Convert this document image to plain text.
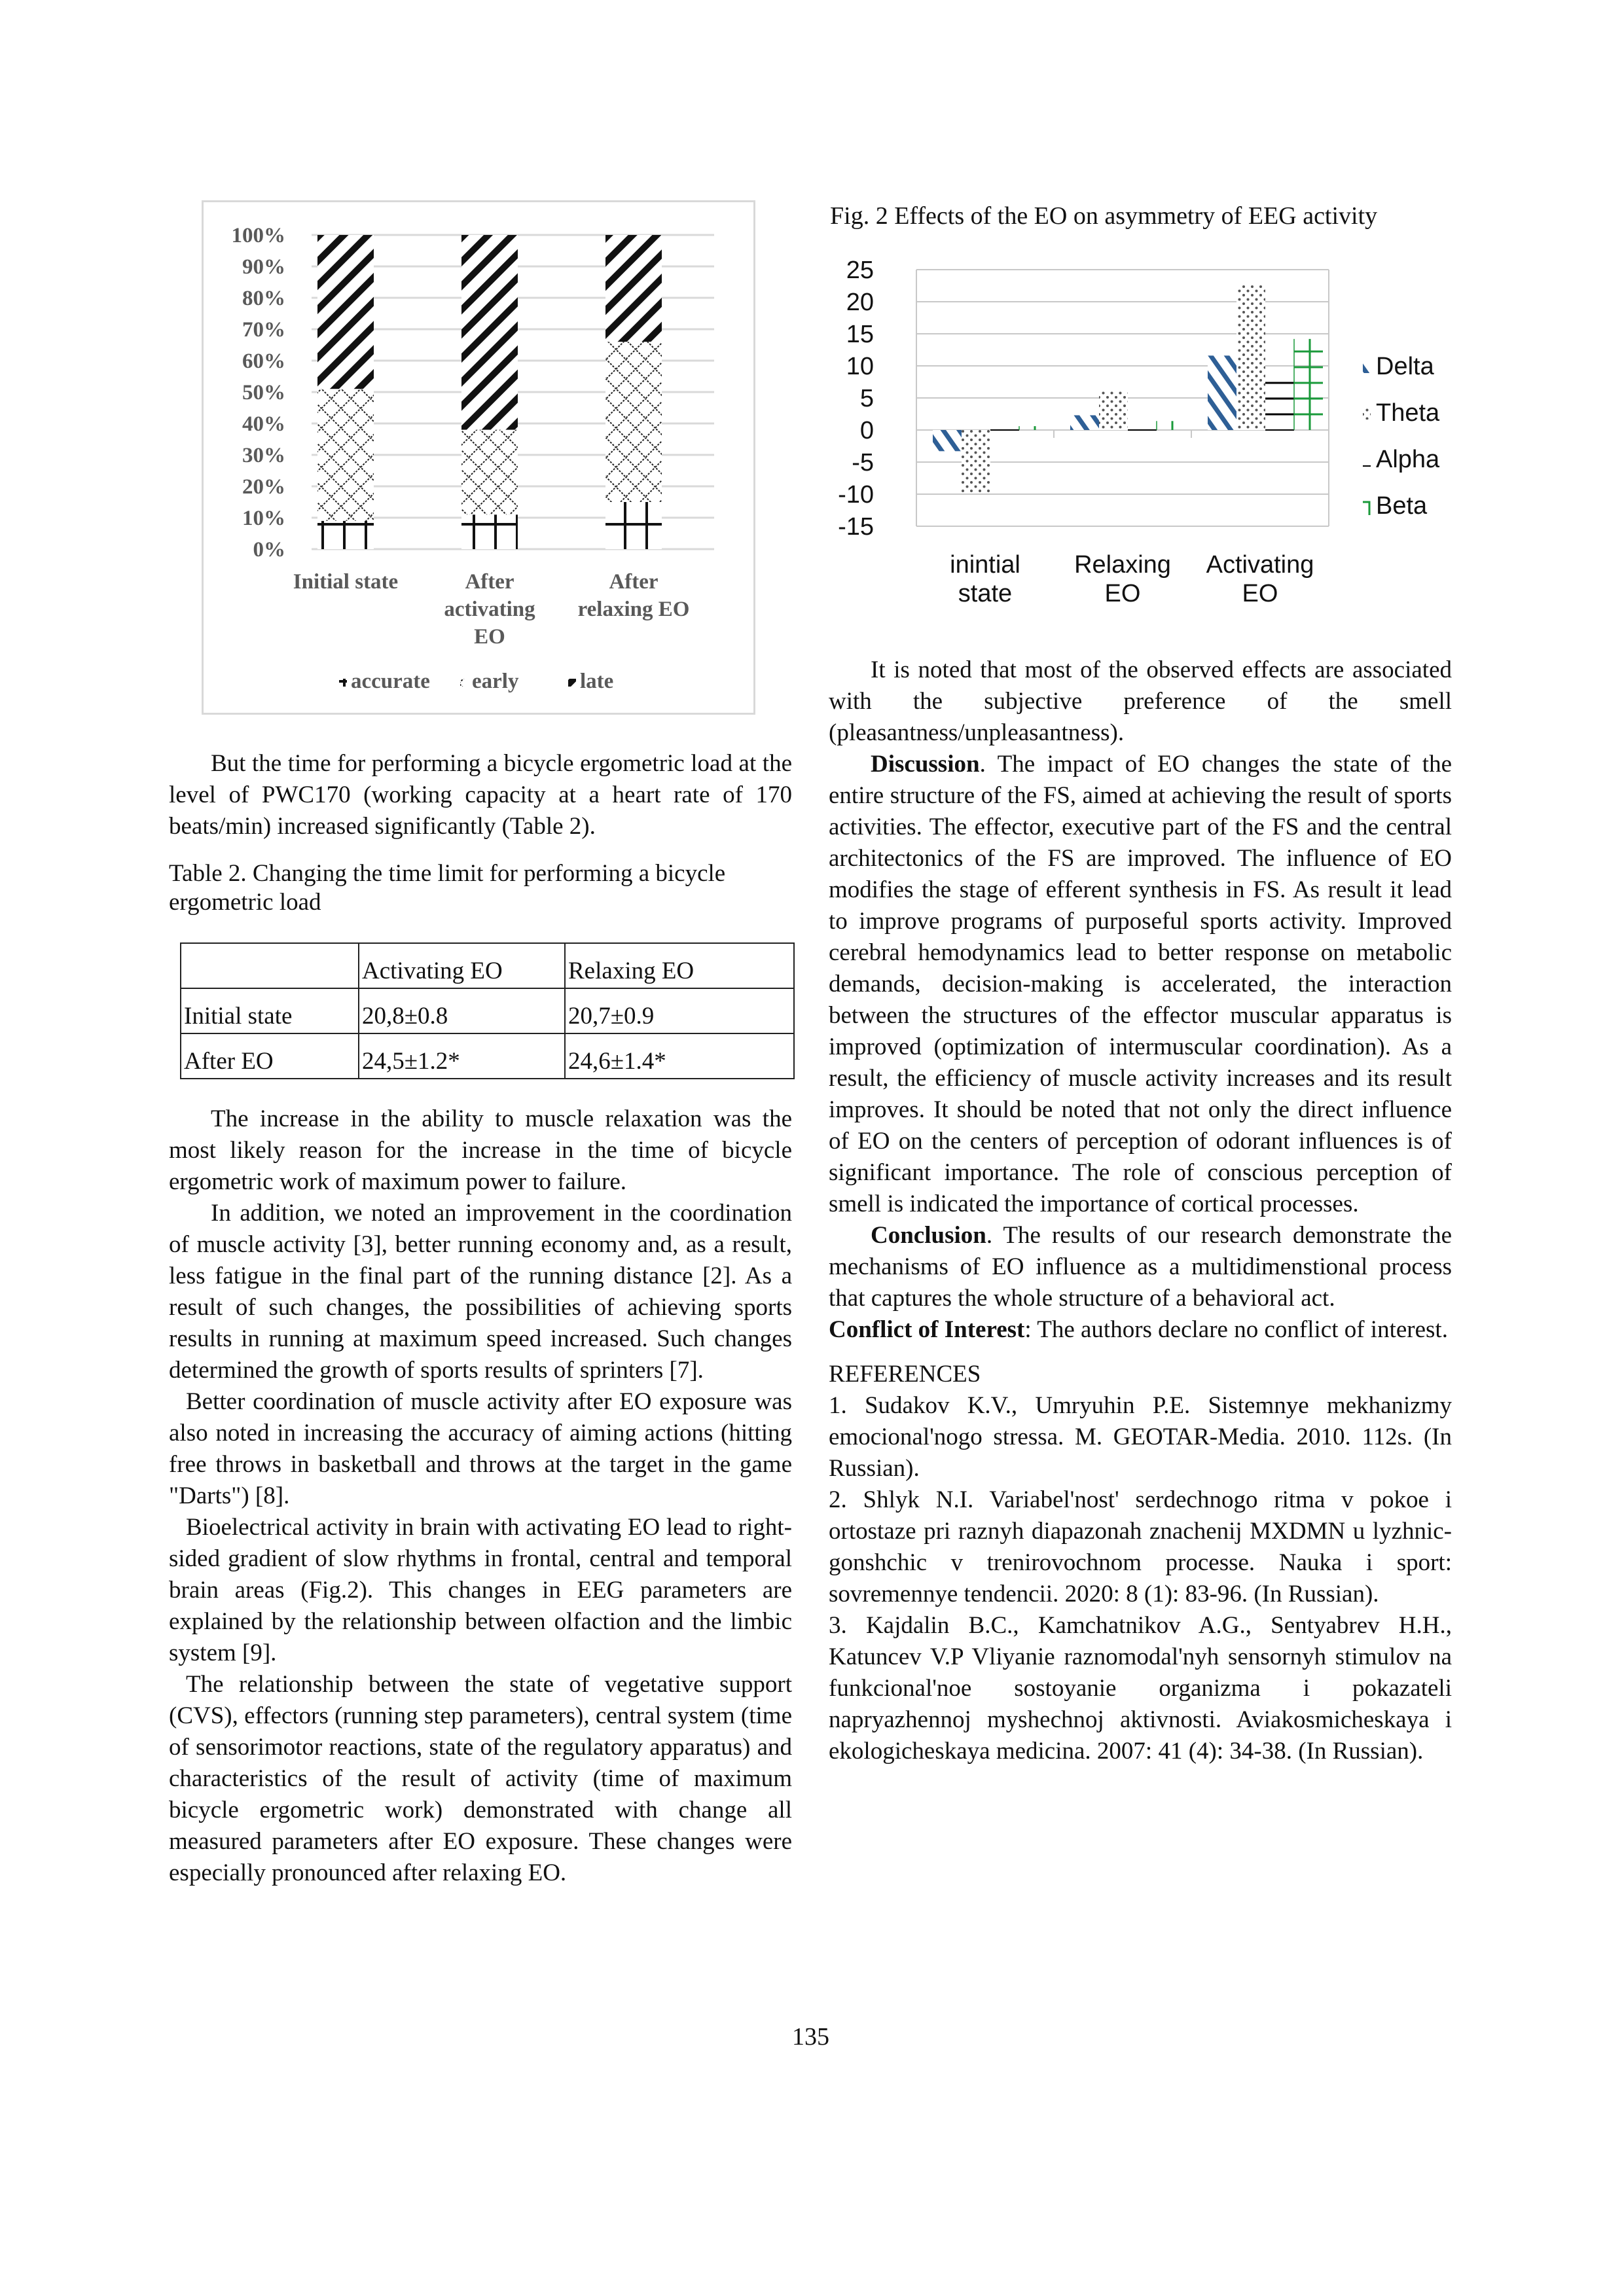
100%
90%
80%
70%
60%
50%
40%
30%
20%
10%
0%
Initial state	After
activating
EO
After
relaxing EO
accurate early	late
Fig. 2 Effects of the EO on asymmetry of EEG activity
25
20
15
10
5
0
-5
-10
-15
inintial
state
Relaxing
EO
Activating
EO
Delta
Theta
Alpha
Beta

But the time for performing a bicycle ergometric load at the level of PWC170 (working capacity at a heart rate of 170 beats/min) increased significantly (Table 2).

Table 2. Changing the time limit for performing a bicycle ergometric load

	Activating EO	Relaxing EO
Initial state	20,8±0.8	20,7±0.9
After EO	24,5±1.2*	24,6±1.4*

The increase in the ability to muscle relaxation was the most likely reason for the increase in the time of bicycle ergometric work of maximum power to failure.

In addition, we noted an improvement in the coordination of muscle activity [3], better running economy and, as a result, less fatigue in the final part of the running distance [2]. As a result of such changes, the possibilities of achieving sports results in running at maximum speed increased. Such changes determined the growth of sports results of sprinters [7].

Better coordination of muscle activity after EO exposure was also noted in increasing the accuracy of aiming actions (hitting free throws in basketball and throws at the target in the game "Darts") [8].

Bioelectrical activity in brain with activating EO lead to right-sided gradient of slow rhythms in frontal, central and temporal brain areas (Fig.2). This changes in EEG parameters are explained by the relationship between olfaction and the limbic system [9].

The relationship between the state of vegetative support (CVS), effectors (running step parameters), central system (time of sensorimotor reactions, state of the regulatory apparatus) and characteristics of the result of activity (time of maximum bicycle ergometric work) demonstrated with change all measured parameters after EO exposure. These changes were especially pronounced after relaxing EO.

It is noted that most of the observed effects are associated with the subjective preference of the smell (pleasantness/unpleasantness).

Discussion. The impact of EO changes the state of the entire structure of the FS, aimed at achieving the result of sports activities. The effector, executive part of the FS and the central architectonics of the FS are improved. The influence of EO modifies the stage of efferent synthesis in FS. As result it lead to improve programs of purposeful sports activity. Improved cerebral hemodynamics lead to better response on metabolic demands, decision-making is accelerated, the interaction between the structures of the effector muscular apparatus is improved (optimization of intermuscular coordination). As a result, the efficiency of muscle activity increases and its result improves. It should be noted that not only the direct influence of EO on the centers of perception of odorant influences is of significant importance. The role of conscious perception of smell is indicated the importance of cortical processes.

Conclusion. The results of our research demonstrate the mechanisms of EO influence as a multidimenstional process that captures the whole structure of a behavioral act.

Conflict of Interest: The authors declare no conflict of interest.

REFERENCES

1. Sudakov K.V., Umryuhin P.E. Sistemnye mekhanizmy emocional'nogo stressa. M. GEOTAR-Media. 2010. 112s. (In Russian).

2. Shlyk N.I. Variabel'nost' serdechnogo ritma v pokoe i ortostaze pri raznyh diapazonah znachenij MXDMN u lyzhnic-gonshchic v trenirovochnom processe. Nauka i sport: sovremennye tendencii. 2020: 8 (1): 83-96. (In Russian).

3. Kajdalin B.C., Kamchatnikov A.G., Sentyabrev H.H., Katuncev V.P Vliyanie raznomodal'nyh sensornyh stimulov na funkcional'noe sostoyanie organizma i pokazateli napryazhennoj myshechnoj aktivnosti. Aviakosmicheskaya i ekologicheskaya medicina. 2007: 41 (4): 34-38. (In Russian).

135
